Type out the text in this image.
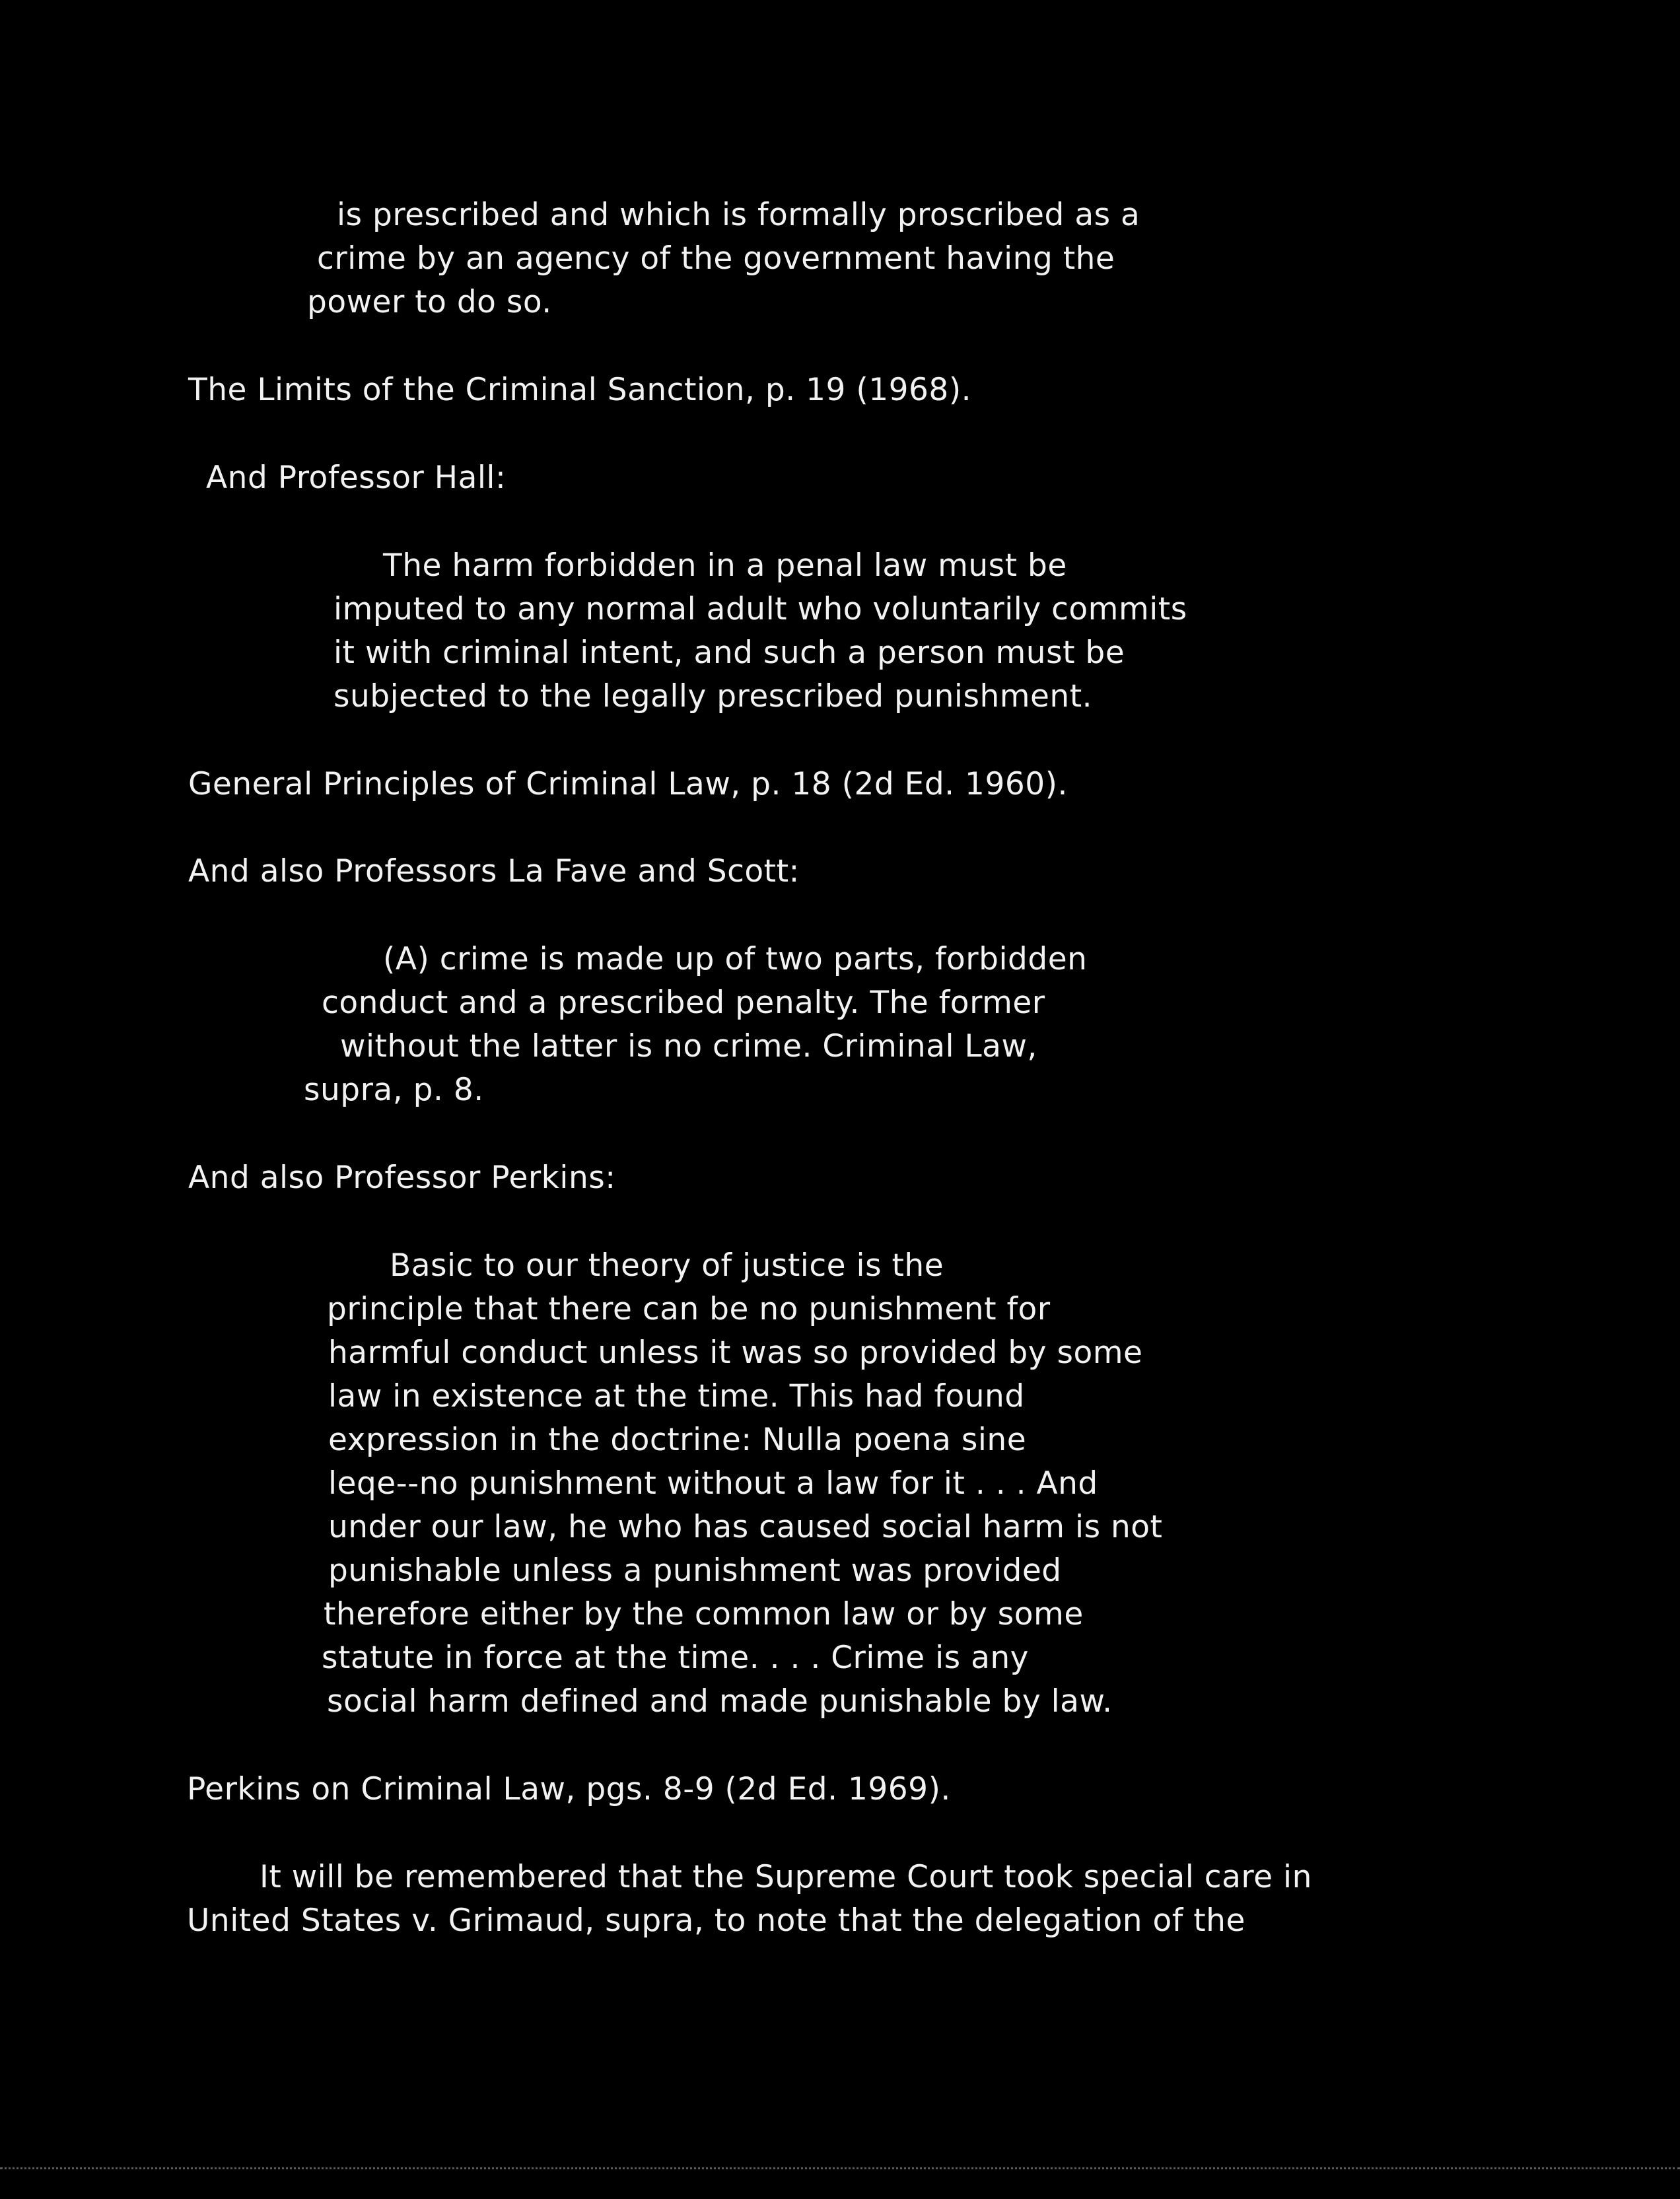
is prescribed and which is formally proscribed as a
crime by an agency of the government having the
power to do so.
The Limits of the Criminal Sanction, p. 19 (1968).
And Professor Hall:
The harm forbidden in a penal law must be
imputed to any normal adult who voluntarily commits
it with criminal intent, and such a person must be
subjected to the legally prescribed punishment.
General Principles of Criminal Law, p. 18 (2d Ed. 1960).
And also Professors La Fave and Scott:
(A) crime is made up of two parts, forbidden
conduct and a prescribed penalty. The former
without the latter is no crime. Criminal Law,
supra, p. 8.
And also Professor Perkins:
Basic to our theory of justice is the
principle that there can be no punishment for
harmful conduct unless it was so provided by some
law in existence at the time. This had found
expression in the doctrine: Nulla poena sine
leqe--no punishment without a law for it . . . And
under our law, he who has caused social harm is not
punishable unless a punishment was provided
therefore either by the common law or by some
statute in force at the time. . . . Crime is any
social harm defined and made punishable by law.
Perkins on Criminal Law, pgs. 8-9 (2d Ed. 1969).
It will be remembered that the Supreme Court took special care in
United States v. Grimaud, supra, to note that the delegation of the
